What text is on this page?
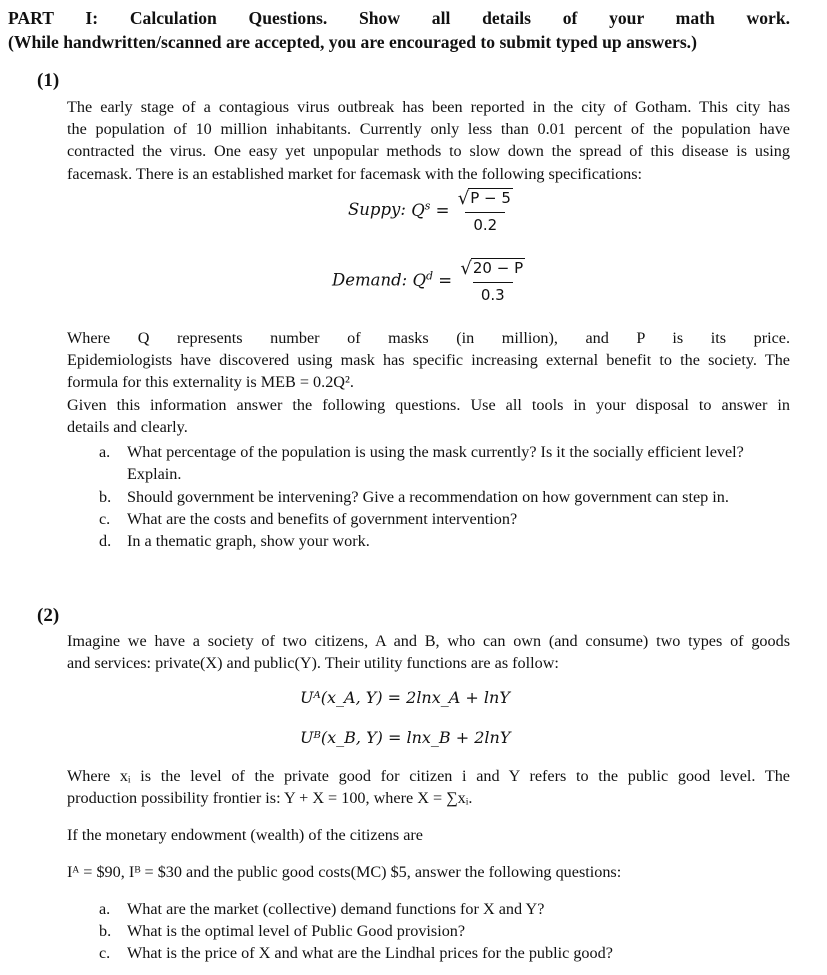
PART   I:   Calculation   Questions.   Show   all   details   of   your   math   work.
(While handwritten/scanned are accepted, you are encouraged to submit typed up answers.)
(1)
The early stage of a contagious virus outbreak has been reported in the city of Gotham. This city has
the population of 10 million inhabitants. Currently only less than 0.01 percent of the population have
contracted the virus. One easy yet unpopular methods to slow down the spread of this disease is using
facemask. There is an established market for facemask with the following specifications:
Suppy: $Q^s = \frac{√ P - 5}{0.2}$
Demand: $Q^d = \frac{√ 20 - P}{0.3}$
Where   Q   represents   number   of   masks   (in   million),   and   P   is   its   price.
Epidemiologists have discovered using mask has specific increasing external benefit to the society. The
formula for this externality is MEB = 0.2Q².
Given this information answer the following questions. Use all tools in your disposal to answer in
details and clearly.
a. What percentage of the population is using the mask currently? Is it the socially efficient level?
Explain.
b. Should government be intervening? Give a recommendation on how government can step in.
c. What are the costs and benefits of government intervention?
d. In a thematic graph, show your work.
(2)
Imagine we have a society of two citizens, A and B, who can own (and consume) two types of goods
and services: private(X) and public(Y). Their utility functions are as follow:
Uᴬ(x_A, Y) = 2lnx_A + lnY
Uᴮ(x_B, Y) = lnx_B + 2lnY
Where xᵢ is the level of the private good for citizen i and Y refers to the public good level. The
production possibility frontier is: Y + X = 100, where X = ∑xᵢ.
If the monetary endowment (wealth) of the citizens are
Iᴬ = $90, Iᴮ = $30 and the public good costs(MC) $5, answer the following questions:
a. What are the market (collective) demand functions for X and Y?
b. What is the optimal level of Public Good provision?
c. What is the price of X and what are the Lindhal prices for the public good?
